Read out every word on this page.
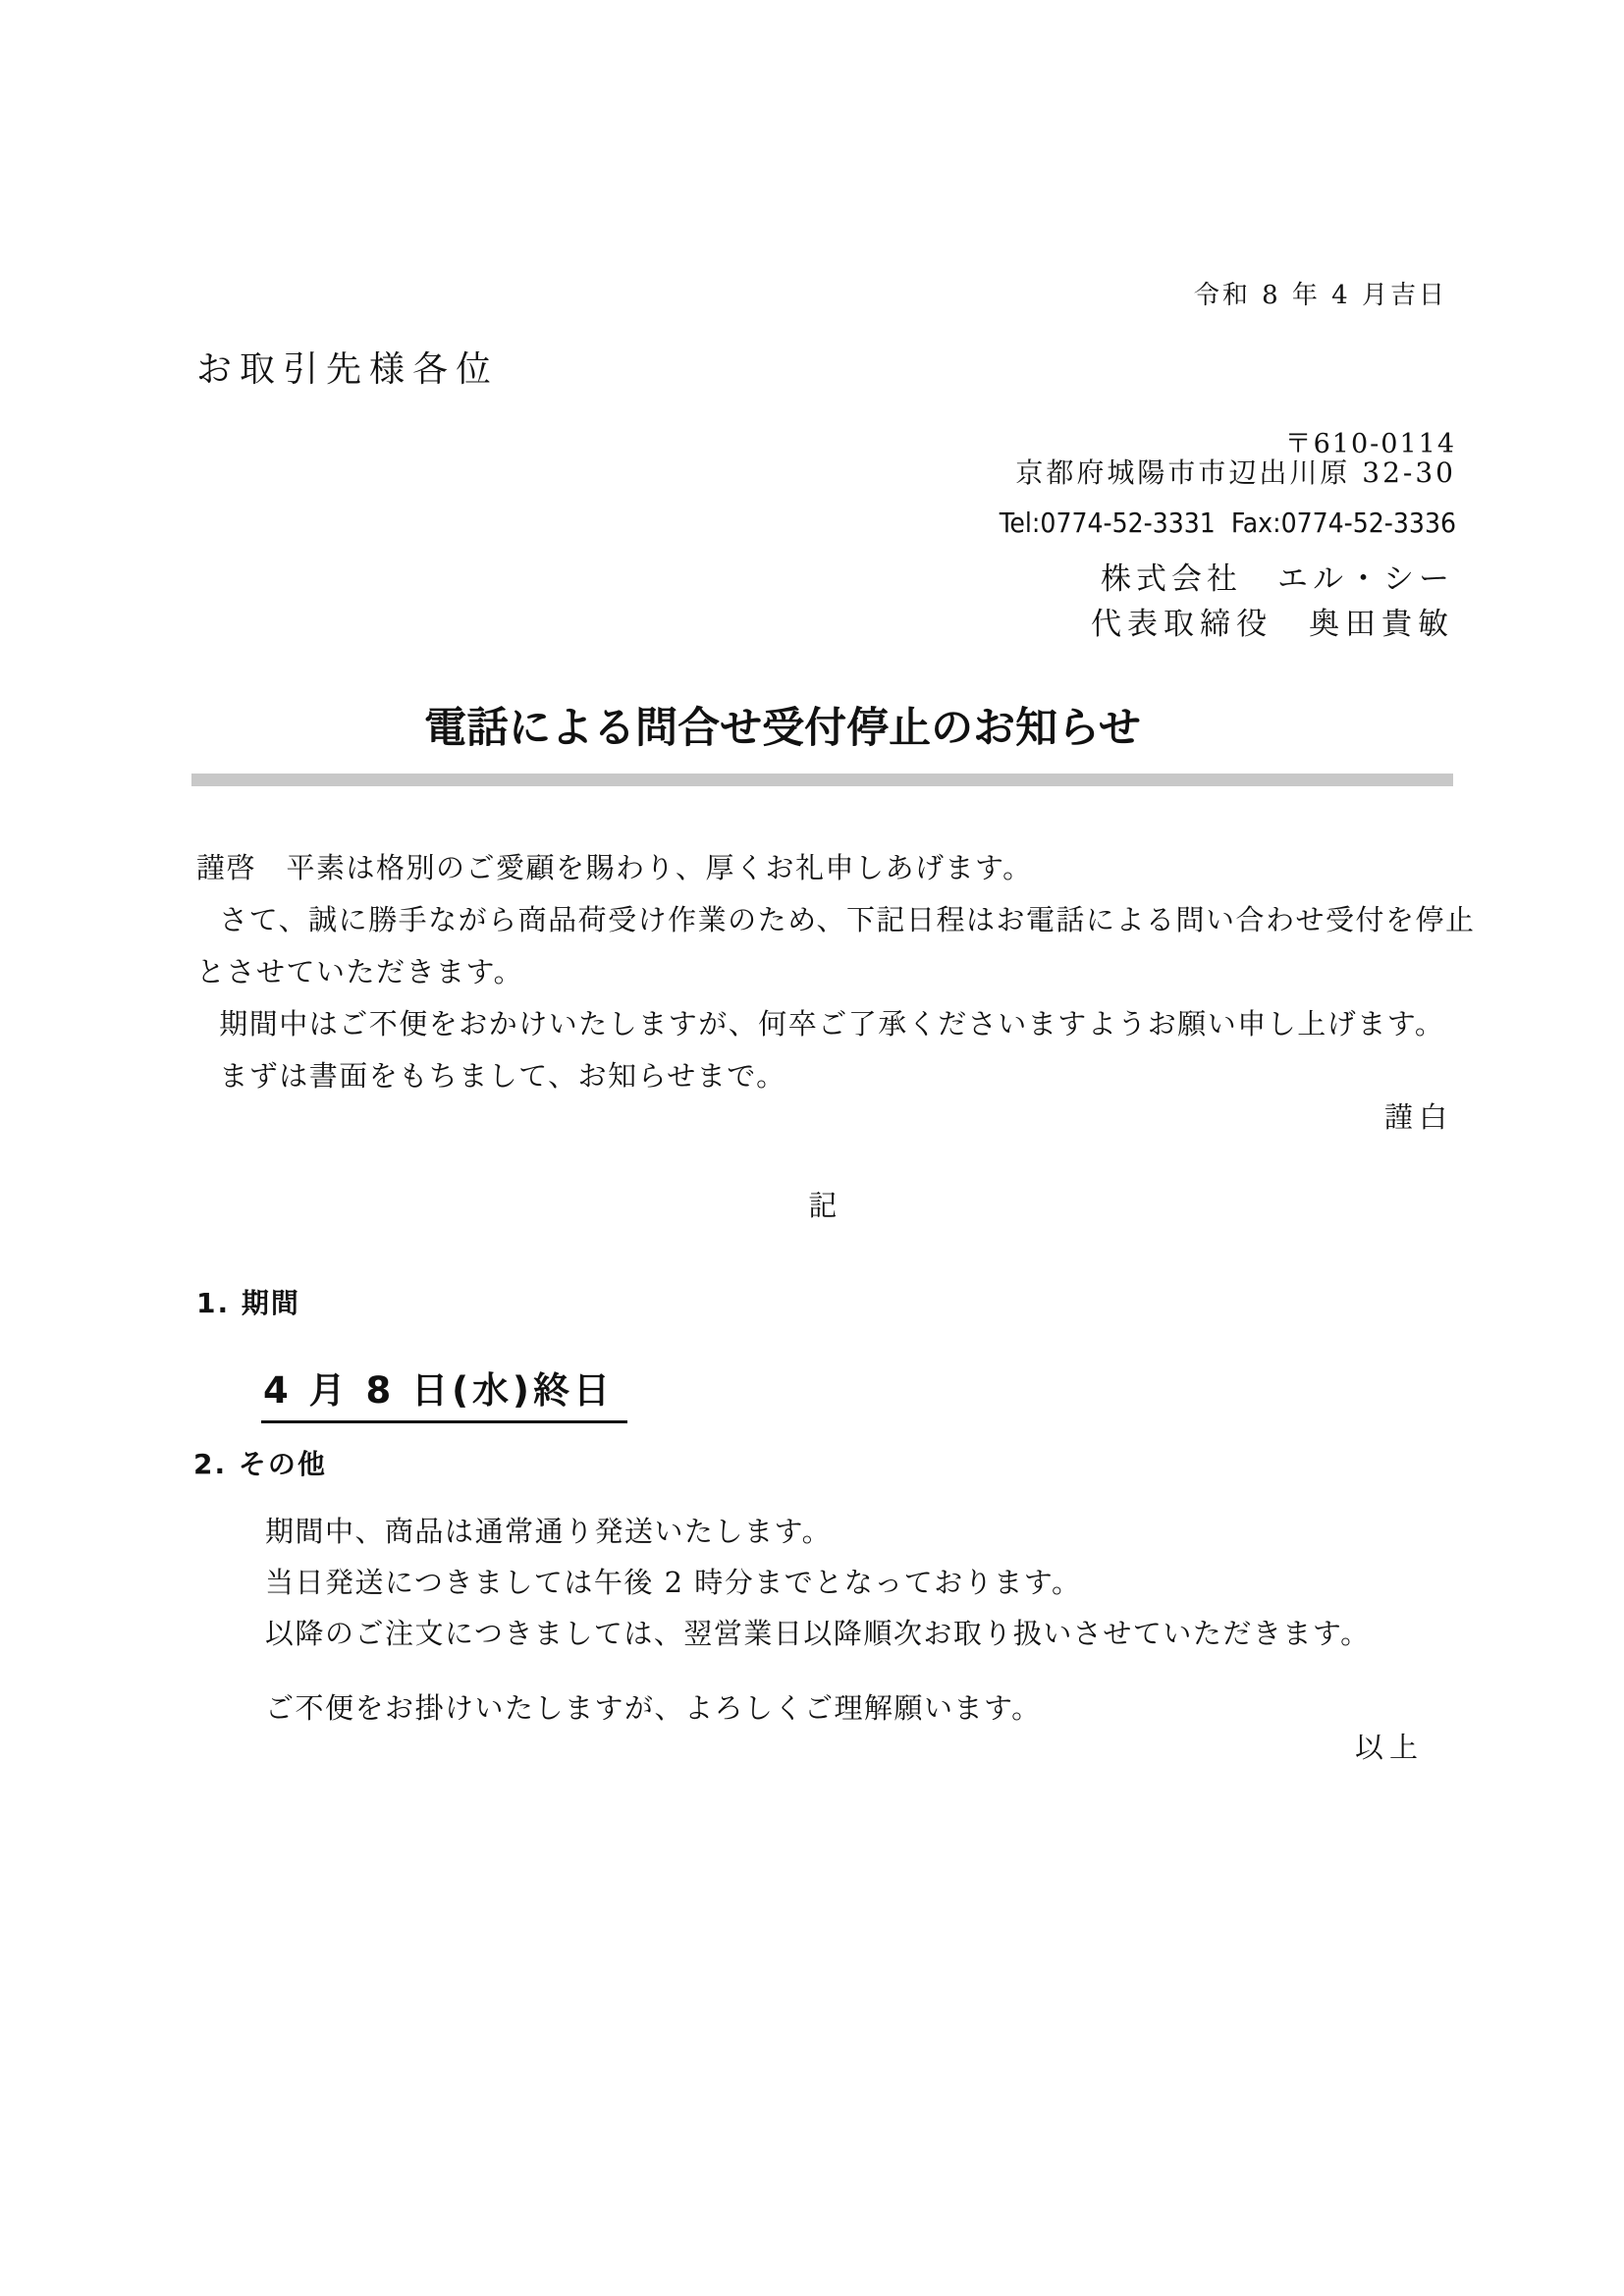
令和 8 年 4 月吉日
お取引先様各位
〒610-0114
京都府城陽市市辺出川原 32-30
Tel:0774-52-3331  Fax:0774-52-3336
株式会社　エル・シー
代表取締役　奥田貴敏
電話による問合せ受付停止のお知らせ

謹啓　平素は格別のご愛顧を賜わり、厚くお礼申しあげます。

さて、誠に勝手ながら商品荷受け作業のため、下記日程はお電話による問い合わせ受付を停止とさせていただきます。

期間中はご不便をおかけいたしますが、何卒ご了承くださいますようお願い申し上げます。

まずは書面をもちまして、お知らせまで。

謹白
記
1. 期間
4 月 8 日(水)終日
2. その他
期間中、商品は通常通り発送いたします。
当日発送につきましては午後 2 時分までとなっております。
以降のご注文につきましては、翌営業日以降順次お取り扱いさせていただきます。
ご不便をお掛けいたしますが、よろしくご理解願います。
以上
